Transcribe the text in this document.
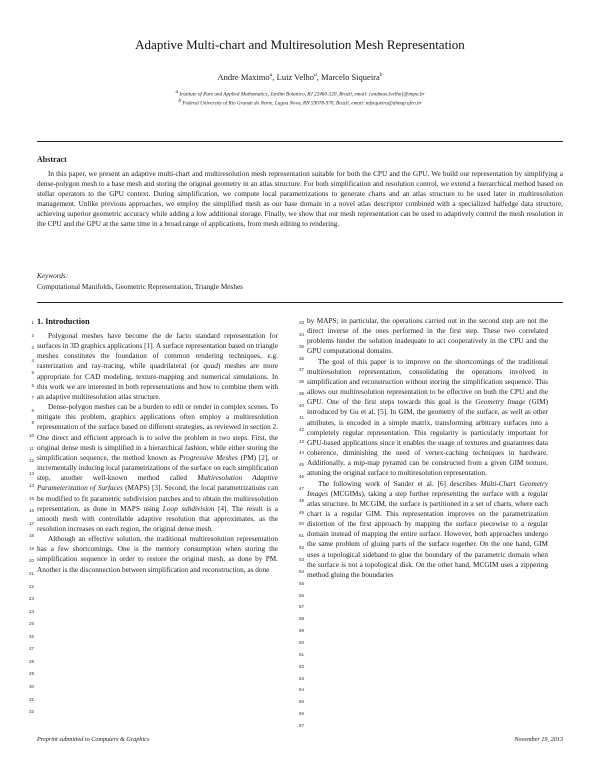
Adaptive Multi-chart and Multiresolution Mesh Representation
Andre Maximo$^a$, Luiz Velho$^a$, Marcelo Siqueira$^b$
$^a$ Institute of Pure and Applied Mathematics, Jardim Botanico, RJ 22460-320, Brazil, email: {andmax,lvelho}@impa.br
$^b$ Federal University of Rio Grande do Norte, Lagoa Nova, RN 59078-970, Brazil, email: mfsiqueira@dimap.ufrn.br
Abstract
In this paper, we present an adaptive multi-chart and multiresolution mesh representation suitable for both the CPU and the GPU. We build our representation by simplifying a dense-polygon mesh to a base mesh and storing the original geometry in an atlas structure. For both simplification and resolution control, we extend a hierarchical method based on stellar operators to the GPU context. During simplification, we compute local parametrizations to generate charts and an atlas structure to be used later in multiresolution management. Unlike previous approaches, we employ the simplified mesh as our base domain in a novel atlas descriptor combined with a specialized halfedge data structure, achieving superior geometric accuracy while adding a low additional storage. Finally, we show that our mesh representation can be used to adaptively control the mesh resolution in the CPU and the GPU at the same time in a broad range of applications, from mesh editing to rendering.
Keywords:
Computational Manifolds, Geometric Representation, Triangle Meshes
1. Introduction

Polygonal meshes have become the de facto standard representation for surfaces in 3D graphics applications [1]. A surface representation based on triangle meshes constitutes the foundation of common rendering techniques, e.g. rasterization and ray-tracing, while quadrilateral (or quad) meshes are more appropriate for CAD modeling, texture-mapping and numerical simulations. In this work we are interested in both representations and how to combine them with an adaptive multiresolution atlas structure.

Dense-polygon meshes can be a burden to edit or render in complex scenes. To mitigate this problem, graphics applications often employ a multiresolution representation of the surface based on different strategies, as reviewed in section 2. One direct and efficient approach is to solve the problem in two steps. First, the original dense mesh is simplified in a hierarchical fashion, while either storing the simplification sequence, the method known as Progressive Meshes (PM) [2], or incrementally inducing local parametrizations of the surface on each simplification step, another well-known method called Multiresolution Adaptive Parameterization of Surfaces (MAPS) [3]. Second, the local parametrizations can be modified to fit parametric subdivision patches and to obtain the multiresolution representation, as done in MAPS using Loop subdivision [4]. The result is a smooth mesh with controllable adaptive resolution that approximates, as the resolution increases on each region, the original dense mesh.

Although an effective solution, the traditional multiresolution representation has a few shortcomings. One is the memory consumption when storing the simplification sequence in order to restore the original mesh, as done by PM. Another is the disconnection between simplification and reconstruction, as done

by MAPS; in particular, the operations carried out in the second step are not the direct inverse of the ones performed in the first step. These two correlated problems hinder the solution inadequate to act cooperatively in the CPU and the GPU computational domains.

The goal of this paper is to improve on the shortcomings of the traditional multiresolution representation, consolidating the operations involved in simplification and reconstruction without storing the simplification sequence. This allows our multiresolution representation to be effective on both the CPU and the GPU. One of the first steps towards this goal is the Geometry Image (GIM) introduced by Gu et al. [5]. In GIM, the geometry of the surface, as well as other attributes, is encoded in a simple matrix, transforming arbitrary surfaces into a completely regular representation. This regularity is particularly important for GPU-based applications since it enables the usage of textures and guarantees data coherence, diminishing the need of vertex-caching techniques in hardware. Additionally, a mip-map pyramid can be constructed from a given GIM texture, attuning the original surface to multiresolution representation.

The following work of Sander et al. [6] describes Multi-Chart Geometry Images (MCGIMs), taking a step further representing the surface with a regular atlas structure. In MCGIM, the surface is partitioned in a set of charts, where each chart is a regular GIM. This representation improves on the parametrization distortion of the first approach by mapping the surface piecewise to a regular domain instead of mapping the entire surface. However, both approaches undergo the same problem of gluing parts of the surface together. On the one hand, GIM uses a topological sideband to glue the boundary of the parametric domain when the surface is not a topological disk. On the other hand, MCGIM uses a zippering method gluing the boundaries

1
2
3
4
5
6
7
8
9
10
11
12
13
14
15
16
17
18
19
20
21
22
23
24
25
26
27
28
29
30
31
32
33
34
35
36
37
38
39
40
41
42
43
44
45
46
47
48
49
50
51
52
53
54
55
56
57
58
59
60
61
62
63
64
65
66
67
Preprint submitted to Computers & Graphics	November 19, 2013
